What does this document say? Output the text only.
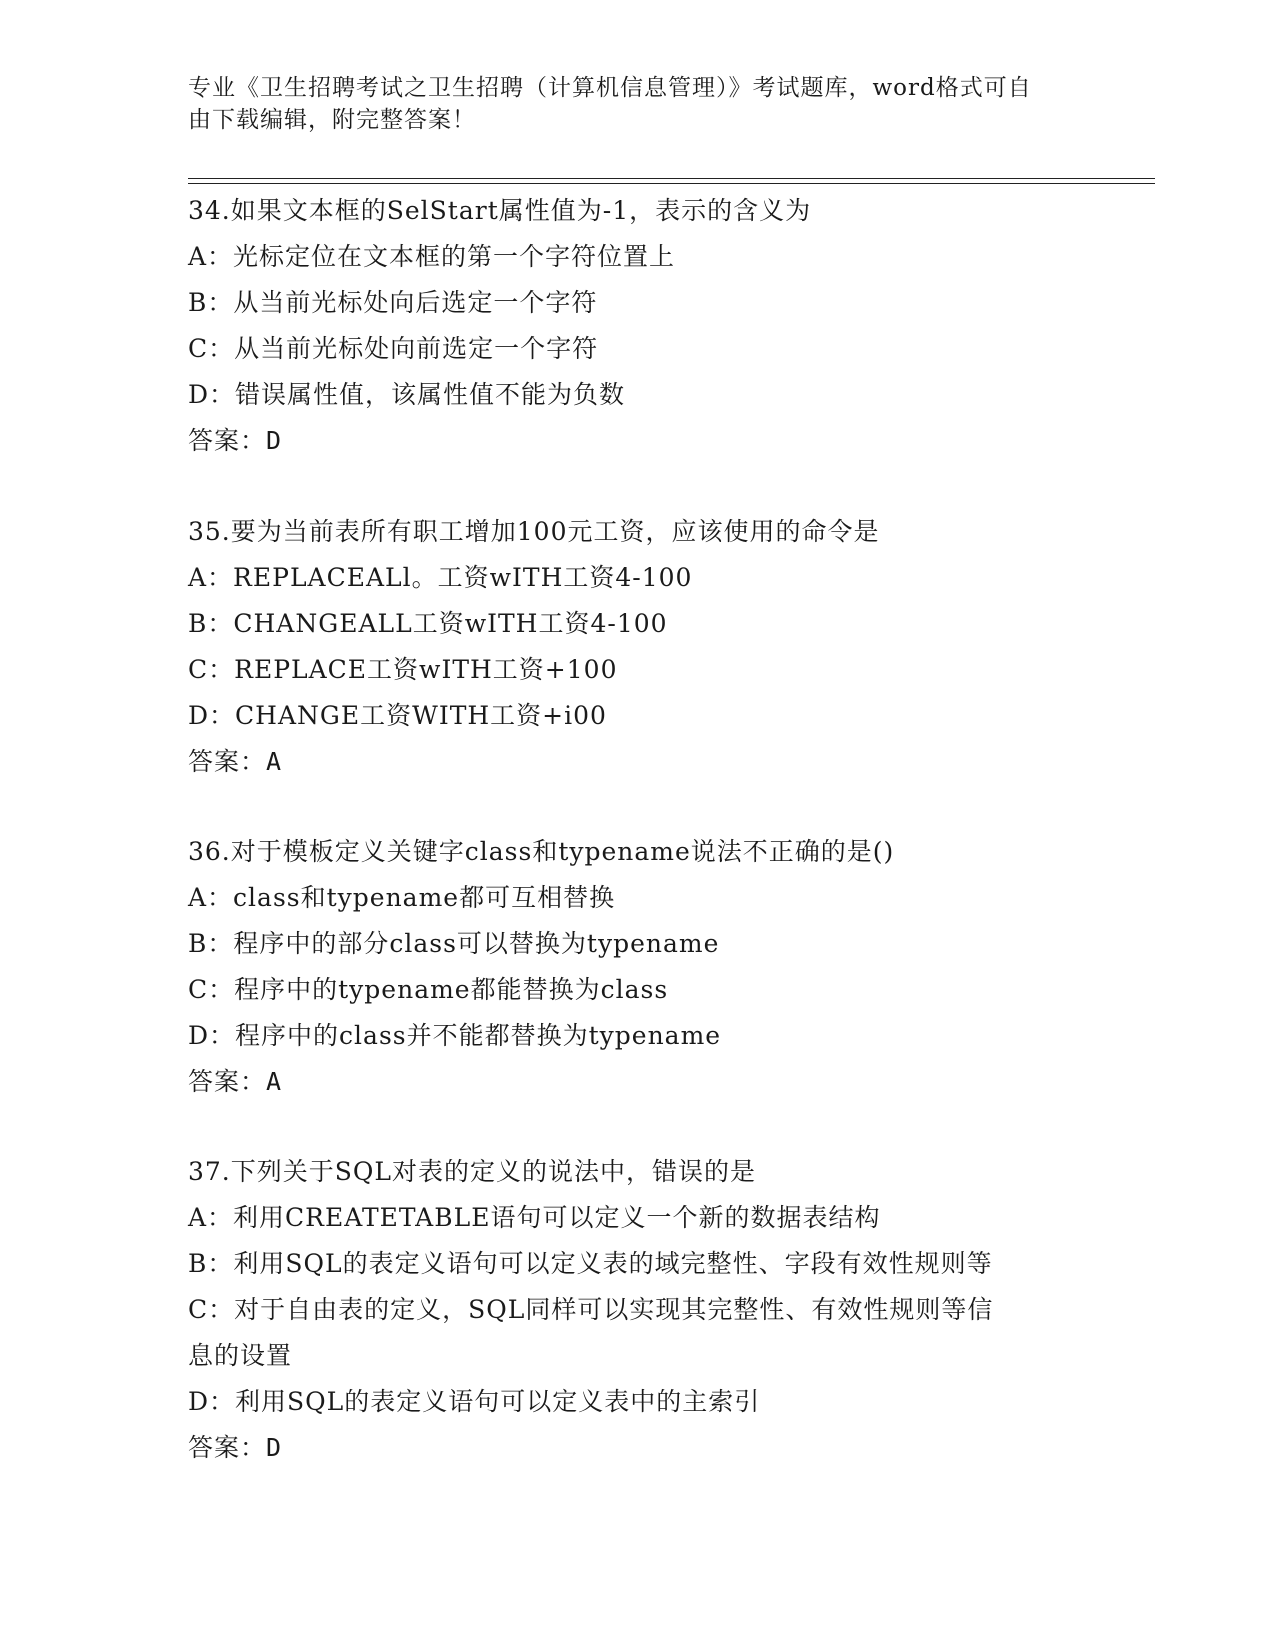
专业《卫生招聘考试之卫生招聘（计算机信息管理）》考试题库，word格式可自
由下载编辑，附完整答案！
34.如果文本框的SelStart属性值为-1，表示的含义为
A：光标定位在文本框的第一个字符位置上
B：从当前光标处向后选定一个字符
C：从当前光标处向前选定一个字符
D：错误属性值，该属性值不能为负数
答案：D
35.要为当前表所有职工增加100元工资，应该使用的命令是
A：REPLACEALl。工资wITH工资4-100
B：CHANGEALL工资wITH工资4-100
C：REPLACE工资wITH工资+100
D：CHANGE工资WITH工资+i00
答案：A
36.对于模板定义关键字class和typename说法不正确的是()
A：class和typename都可互相替换
B：程序中的部分class可以替换为typename
C：程序中的typename都能替换为class
D：程序中的class并不能都替换为typename
答案：A
37.下列关于SQL对表的定义的说法中，错误的是
A：利用CREATETABLE语句可以定义一个新的数据表结构
B：利用SQL的表定义语句可以定义表的域完整性、字段有效性规则等
C：对于自由表的定义，SQL同样可以实现其完整性、有效性规则等信
息的设置
D：利用SQL的表定义语句可以定义表中的主索引
答案：D
